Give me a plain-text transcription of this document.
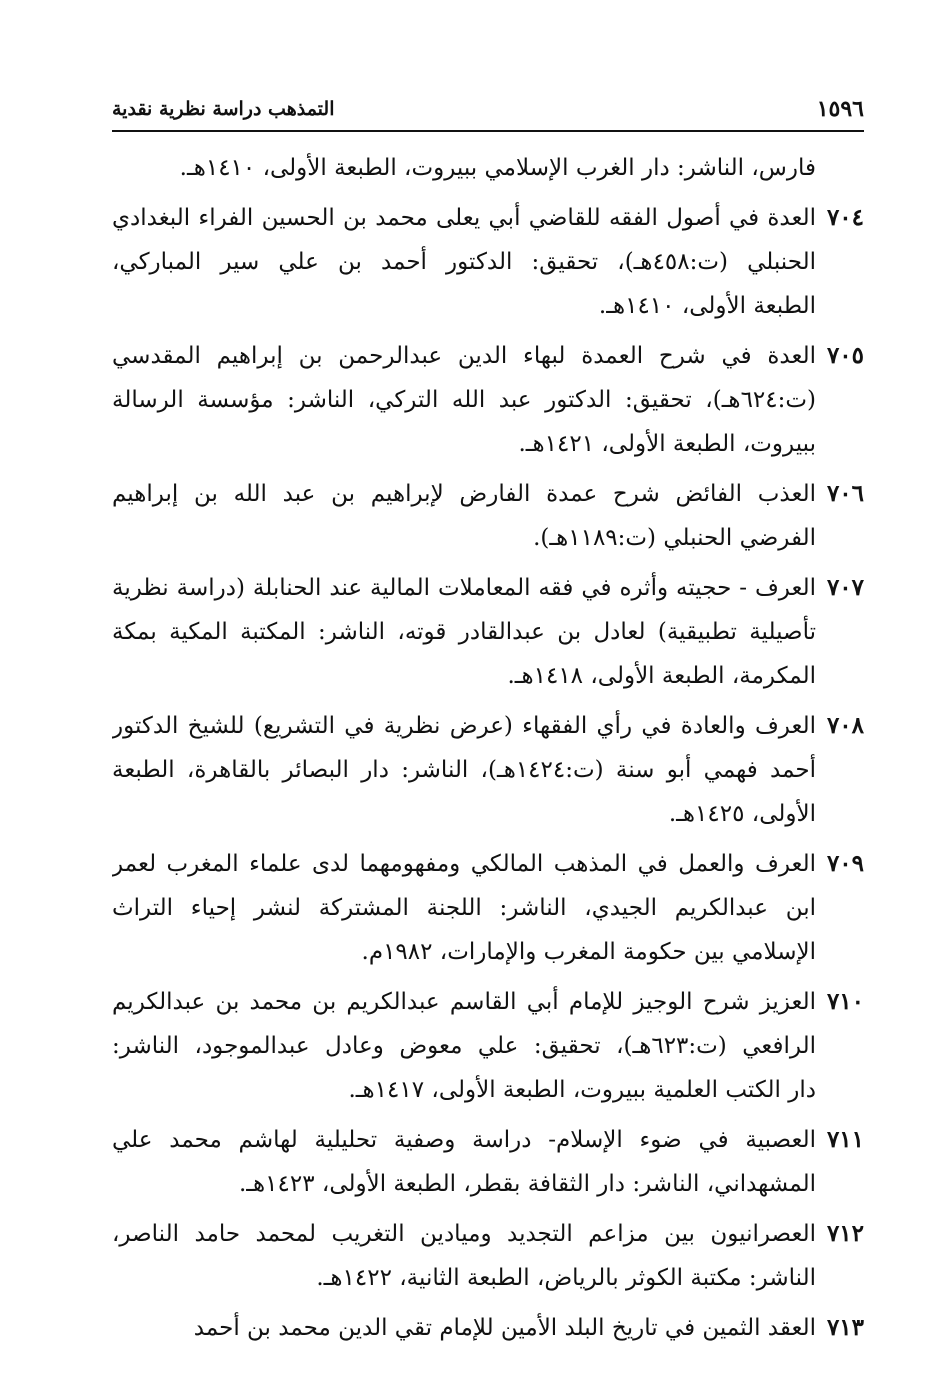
١٥٩٦
التمذهب دراسة نظرية نقدية
فارس، الناشر: دار الغرب الإسلامي ببيروت، الطبعة الأولى، ١٤١٠هـ.
٧٠٤
العدة في أصول الفقه للقاضي أبي يعلى محمد بن الحسين الفراء البغدادي
الحنبلي (ت:٤٥٨هـ)، تحقيق: الدكتور أحمد بن علي سير المباركي،
الطبعة الأولى، ١٤١٠هـ.
٧٠٥
العدة في شرح العمدة لبهاء الدين عبدالرحمن بن إبراهيم المقدسي
(ت:٦٢٤هـ)، تحقيق: الدكتور عبد الله التركي، الناشر: مؤسسة الرسالة
ببيروت، الطبعة الأولى، ١٤٢١هـ.
٧٠٦
العذب الفائض شرح عمدة الفارض لإبراهيم بن عبد الله بن إبراهيم
الفرضي الحنبلي (ت:١١٨٩هـ).
٧٠٧
العرف - حجيته وأثره في فقه المعاملات المالية عند الحنابلة (دراسة نظرية
تأصيلية تطبيقية) لعادل بن عبدالقادر قوته، الناشر: المكتبة المكية بمكة
المكرمة، الطبعة الأولى، ١٤١٨هـ.
٧٠٨
العرف والعادة في رأي الفقهاء (عرض نظرية في التشريع) للشيخ الدكتور
أحمد فهمي أبو سنة (ت:١٤٢٤هـ)، الناشر: دار البصائر بالقاهرة، الطبعة
الأولى، ١٤٢٥هـ.
٧٠٩
العرف والعمل في المذهب المالكي ومفهومهما لدى علماء المغرب لعمر
ابن عبدالكريم الجيدي، الناشر: اللجنة المشتركة لنشر إحياء التراث
الإسلامي بين حكومة المغرب والإمارات، ١٩٨٢م.
٧١٠
العزيز شرح الوجيز للإمام أبي القاسم عبدالكريم بن محمد بن عبدالكريم
الرافعي (ت:٦٢٣هـ)، تحقيق: علي معوض وعادل عبدالموجود، الناشر:
دار الكتب العلمية ببيروت، الطبعة الأولى، ١٤١٧هـ.
٧١١
العصبية في ضوء الإسلام- دراسة وصفية تحليلية لهاشم محمد علي
المشهداني، الناشر: دار الثقافة بقطر، الطبعة الأولى، ١٤٢٣هـ.
٧١٢
العصرانيون بين مزاعم التجديد وميادين التغريب لمحمد حامد الناصر،
الناشر: مكتبة الكوثر بالرياض، الطبعة الثانية، ١٤٢٢هـ.
٧١٣
العقد الثمين في تاريخ البلد الأمين للإمام تقي الدين محمد بن أحمد
